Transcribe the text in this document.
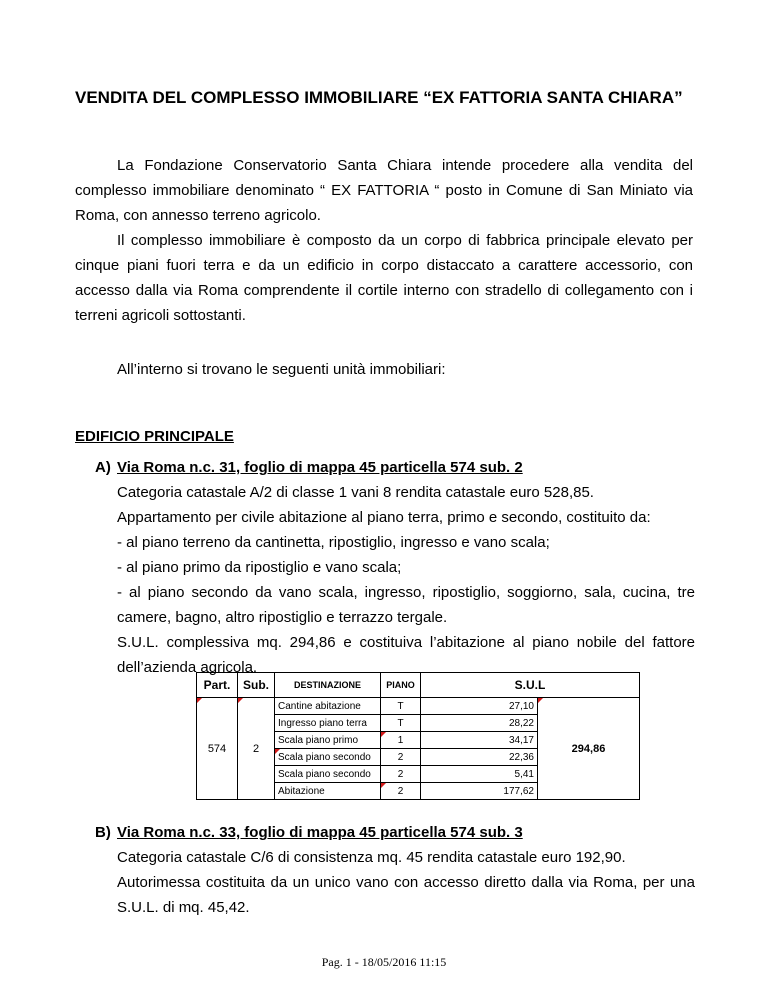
VENDITA DEL COMPLESSO IMMOBILIARE “EX FATTORIA SANTA CHIARA”
La Fondazione Conservatorio Santa Chiara intende procedere alla vendita del complesso immobiliare denominato “ EX FATTORIA “ posto in Comune di San Miniato via Roma, con annesso terreno agricolo.
Il complesso immobiliare è composto da un corpo di fabbrica principale elevato per cinque piani fuori terra e da un edificio in corpo distaccato a carattere accessorio, con accesso dalla via Roma comprendente il cortile interno con stradello di collegamento con i terreni agricoli sottostanti.
All’interno si trovano le seguenti unità immobiliari:
EDIFICIO PRINCIPALE
A) Via Roma n.c. 31, foglio di mappa 45 particella 574 sub. 2

Categoria catastale A/2 di classe 1 vani 8 rendita catastale euro 528,85.

Appartamento per civile abitazione al piano terra, primo e secondo, costituito da:

- al piano terreno da cantinetta, ripostiglio, ingresso e vano scala;

- al piano primo da ripostiglio e vano scala;

- al piano secondo da vano scala, ingresso, ripostiglio, soggiorno, sala, cucina, tre camere, bagno, altro ripostiglio e terrazzo tergale.

S.U.L. complessiva mq. 294,86 e costituiva l’abitazione al piano nobile del fattore dell’azienda agricola.

Part.	Sub.	DESTINAZIONE	PIANO	S.U.L	
574	2	Cantine abitazione	T	27,10	294,86
		Ingresso piano terra	T	28,22	
		Scala piano primo	1	34,17	
		Scala piano secondo	2	22,36	
		Scala piano secondo	2	5,41	
		Abitazione	2	177,62	
B) Via Roma n.c. 33, foglio di mappa 45 particella 574 sub. 3

Categoria catastale C/6 di consistenza mq. 45 rendita catastale euro 192,90.

Autorimessa costituita da un unico vano con accesso diretto dalla via Roma, per una S.U.L. di mq. 45,42.

Pag. 1 - 18/05/2016 11:15
